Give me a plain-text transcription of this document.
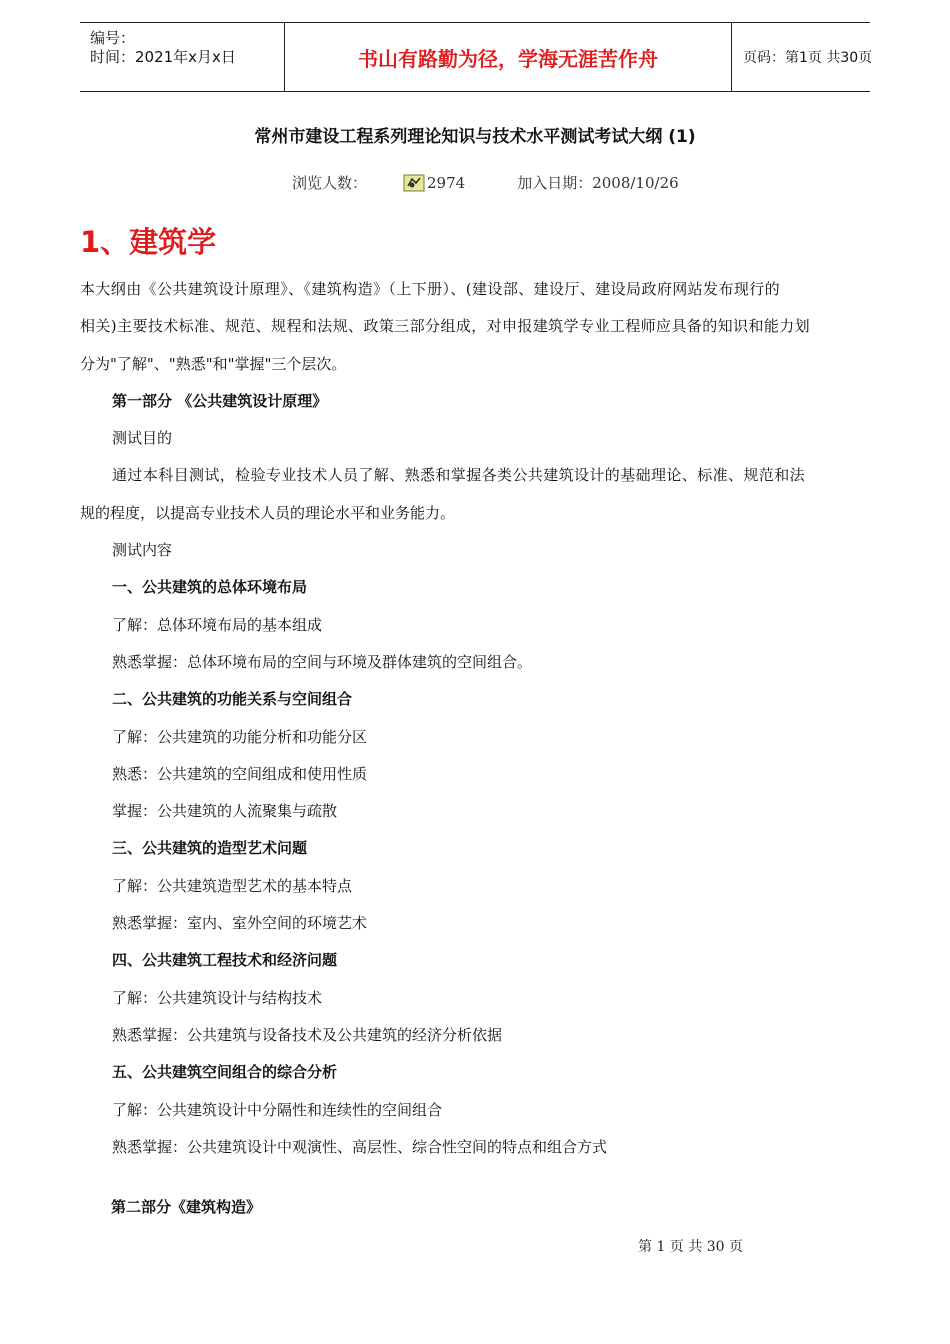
编号：
时间：2021年x月x日	书山有路勤为径，学海无涯苦作舟	页码：第1页 共30页
常州市建设工程系列理论知识与技术水平测试考试大纲 (1)
浏览人数：	2974	加入日期：2008/10/26
1、建筑学
本大纲由《公共建筑设计原理》、《建筑构造》（上下册）、(建设部、建设厅、建设局政府网站发布现行的
相关)主要技术标准、规范、规程和法规、政策三部分组成，对申报建筑学专业工程师应具备的知识和能力划
分为"了解"、"熟悉"和"掌握"三个层次。
第一部分 《公共建筑设计原理》
测试目的
通过本科目测试，检验专业技术人员了解、熟悉和掌握各类公共建筑设计的基础理论、标准、规范和法
规的程度，以提高专业技术人员的理论水平和业务能力。
测试内容
一、公共建筑的总体环境布局
了解：总体环境布局的基本组成
熟悉掌握：总体环境布局的空间与环境及群体建筑的空间组合。
二、公共建筑的功能关系与空间组合
了解：公共建筑的功能分析和功能分区
熟悉：公共建筑的空间组成和使用性质
掌握：公共建筑的人流聚集与疏散
三、公共建筑的造型艺术问题
了解：公共建筑造型艺术的基本特点
熟悉掌握：室内、室外空间的环境艺术
四、公共建筑工程技术和经济问题
了解：公共建筑设计与结构技术
熟悉掌握：公共建筑与设备技术及公共建筑的经济分析依据
五、公共建筑空间组合的综合分析
了解：公共建筑设计中分隔性和连续性的空间组合
熟悉掌握：公共建筑设计中观演性、高层性、综合性空间的特点和组合方式
第二部分《建筑构造》
第 1 页 共 30 页
